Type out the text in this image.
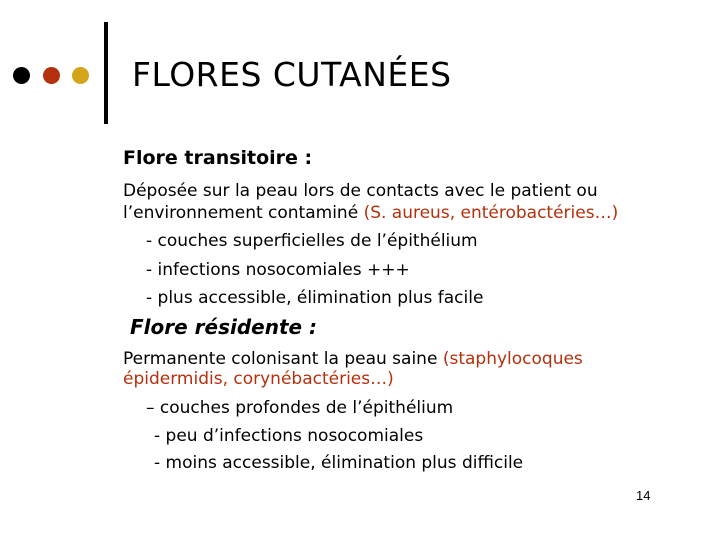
FLORES CUTANÉES
Flore transitoire :
Déposée sur la peau lors de contacts avec le patient ou
l’environnement contaminé (S. aureus, entérobactéries…)
- couches superficielles de l’épithélium
- infections nosocomiales +++
- plus accessible, élimination plus facile
Flore résidente :
Permanente colonisant la peau saine (staphylocoques
épidermidis, corynébactéries…)
– couches profondes de l’épithélium
- peu d’infections nosocomiales
- moins accessible, élimination plus difficile
14
